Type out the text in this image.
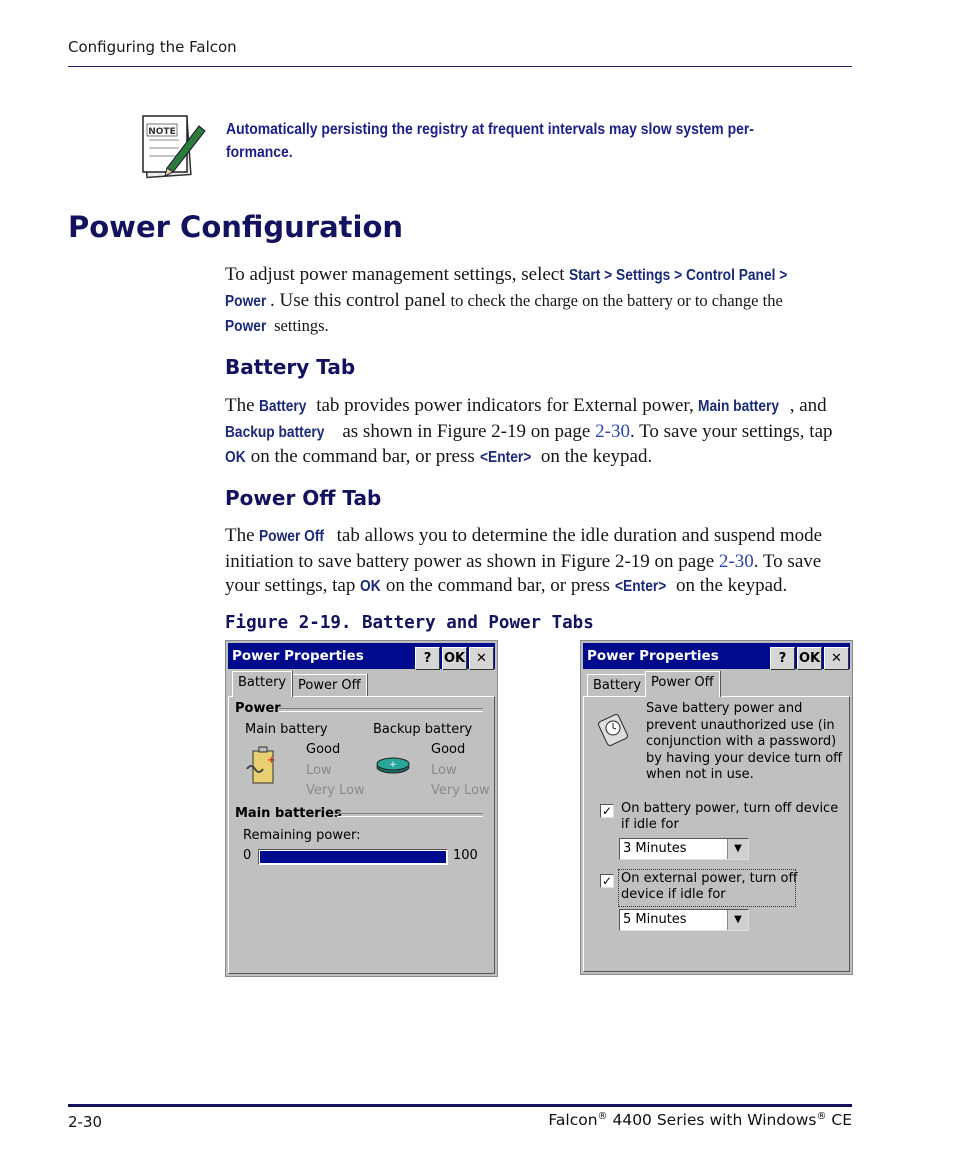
Configuring the Falcon
NOTE	Automatically persisting the registry at frequent intervals may slow system per-
formance.
Power Configuration

To adjust power management settings, select Start > Settings > Control Panel >
Power . Use this control panel to check the charge on the battery or to change the
Power settings.

Battery Tab

The Battery tab provides power indicators for External power, Main battery , and
Backup battery as shown in Figure 2-19 on page 2-30. To save your settings, tap
OK on the command bar, or press <Enter> on the keypad.

Power Off Tab

The Power Off tab allows you to determine the idle duration and suspend mode
initiation to save battery power as shown in Figure 2-19 on page 2-30. To save
your settings, tap OK on the command bar, or press <Enter> on the keypad.

Figure 2-19. Battery and Power Tabs
Power Properties	? OK ✕
Battery Power Off
Power
Main battery	Backup battery
+
Good
Low
Very Low
+
Good
Low
Very Low
Main batteries
Remaining power:
0	100
Power Properties	? OK ✕
Battery Power Off
Save battery power and
prevent unauthorized use (in
conjunction with a password)
by having your device turn off
when not in use.
✓ On battery power, turn off device
if idle for
3 Minutes	▼
✓ On external power, turn off
device if idle for
5 Minutes	▼
2-30	Falcon® 4400 Series with Windows® CE
